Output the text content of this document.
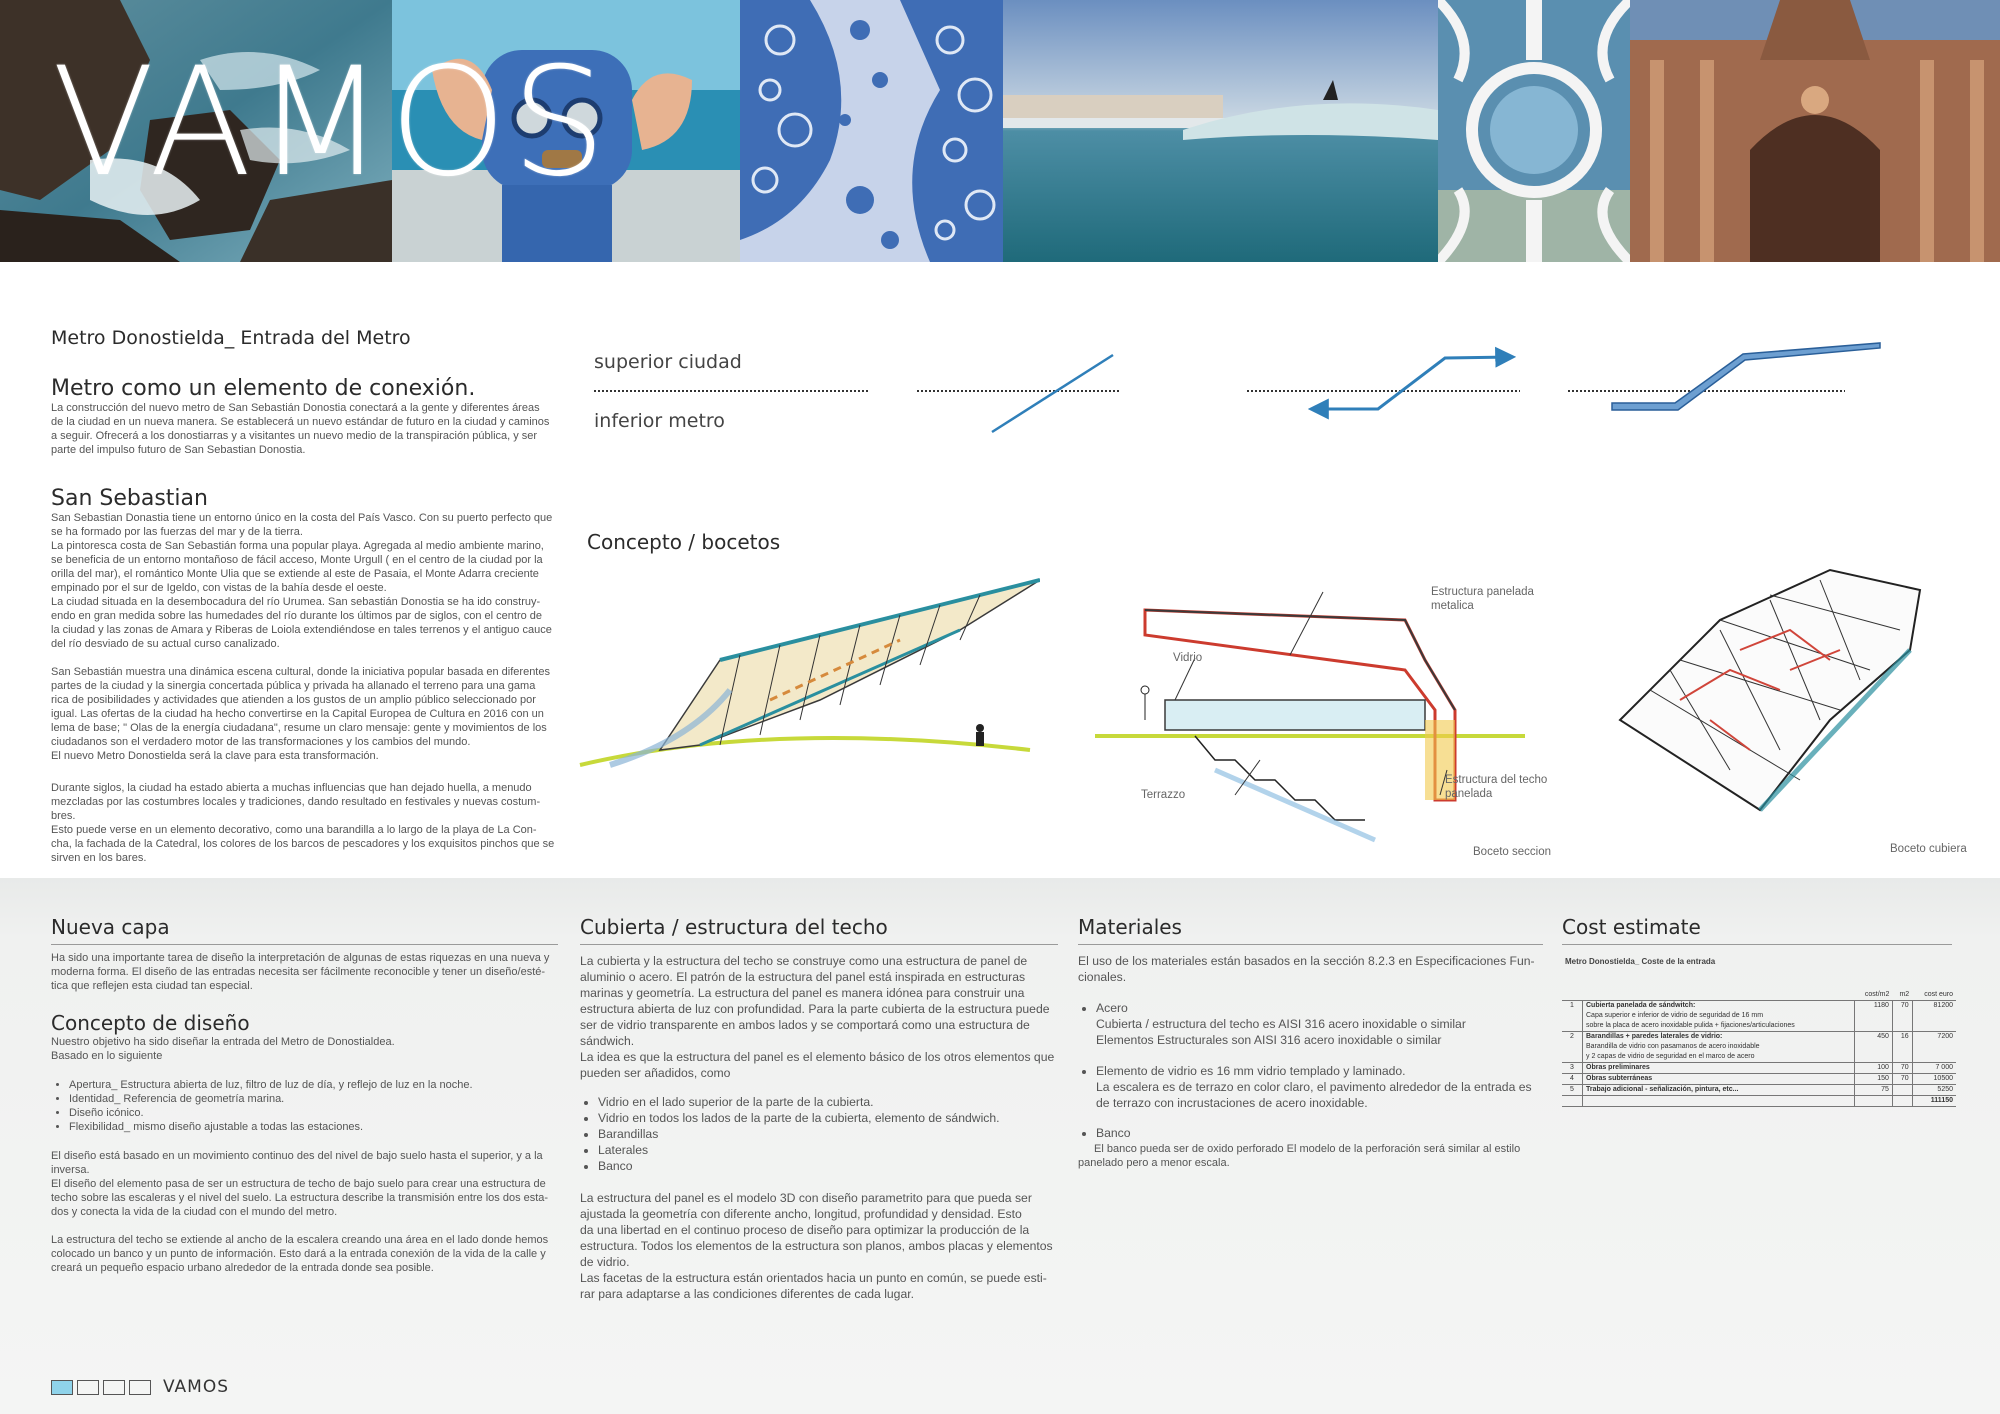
VAMOS
Metro Donostielda_ Entrada del Metro
Metro como un elemento de conexión.

La construcción del nuevo metro de San Sebastián Donostia conectará a la gente y diferentes áreas
de la ciudad en un nueva manera. Se establecerá un nuevo estándar de futuro en la ciudad y caminos
a seguir. Ofrecerá a los donostiarras y a visitantes un nuevo medio de la transpiración pública, y ser
parte del impulso futuro de San Sebastian Donostia.

San Sebastian

San Sebastian Donastia tiene un entorno único en la costa del País Vasco. Con su puerto perfecto que
se ha formado por las fuerzas del mar y de la tierra.
La pintoresca costa de San Sebastián forma una popular playa. Agregada al medio ambiente marino,
se beneficia de un entorno montañoso de fácil acceso, Monte Urgull ( en el centro de la ciudad por la
orilla del mar), el romántico Monte Ulia que se extiende al este de Pasaia, el Monte Adarra creciente
empinado por el sur de Igeldo, con vistas de la bahía desde el oeste.
La ciudad situada en la desembocadura del río Urumea. San sebastián Donostia se ha ido construy-
endo en gran medida sobre las humedades del río durante los últimos par de siglos, con el centro de
la ciudad y las zonas de Amara y Riberas de Loiola extendiéndose en tales terrenos y el antiguo cauce
del río desviado de su actual curso canalizado.

San Sebastián muestra una dinámica escena cultural, donde la iniciativa popular basada en diferentes
partes de la ciudad y la sinergia concertada pública y privada ha allanado el terreno para una gama
rica de posibilidades y actividades que atienden a los gustos de un amplio público seleccionado por
igual. Las ofertas de la ciudad ha hecho convertirse en la Capital Europea de Cultura en 2016 con un
lema de base; " Olas de la energía ciudadana", resume un claro mensaje: gente y movimientos de los
ciudadanos son el verdadero motor de las transformaciones y los cambios del mundo.
El nuevo Metro Donostielda será la clave para esta transformación.

Durante siglos, la ciudad ha estado abierta a muchas influencias que han dejado huella, a menudo
mezcladas por las costumbres locales y tradiciones, dando resultado en festivales y nuevas costum-
bres.
Esto puede verse en un elemento decorativo, como una barandilla a lo largo de la playa de La Con-
cha, la fachada de la Catedral, los colores de los barcos de pescadores y los exquisitos pinchos que se
sirven en los bares.

superior ciudad
inferior metro
Concepto / bocetos
Estructura panelada
metalica
Vidrio
Terrazzo
Estructura del techo
panelada
Boceto seccion	Boceto cubiera
Nueva capa

Ha sido una importante tarea de diseño la interpretación de algunas de estas riquezas en una nueva y
moderna forma. El diseño de las entradas necesita ser fácilmente reconocible y tener un diseño/esté-
tica que reflejen esta ciudad tan especial.

Concepto de diseño

Nuestro objetivo ha sido diseñar la entrada del Metro de Donostialdea.
Basado en lo siguiente

• Apertura_ Estructura abierta de luz, filtro de luz de día, y reflejo de luz en la noche.
• Identidad_ Referencia de geometría marina.
• Diseño icónico.
• Flexibilidad_ mismo diseño ajustable a todas las estaciones.

El diseño está basado en un movimiento continuo des del nivel de bajo suelo hasta el superior, y a la
inversa.
El diseño del elemento pasa de ser un estructura de techo de bajo suelo para crear una estructura de
techo sobre las escaleras y el nivel del suelo. La estructura describe la transmisión entre los dos esta-
dos y conecta la vida de la ciudad con el mundo del metro.

La estructura del techo se extiende al ancho de la escalera creando una área en el lado donde hemos
colocado un banco y un punto de información. Esto dará a la entrada conexión de la vida de la calle y
creará un pequeño espacio urbano alrededor de la entrada donde sea posible.

Cubierta / estructura del techo

La cubierta y la estructura del techo se construye como una estructura de panel de
aluminio o acero. El patrón de la estructura del panel está inspirada en estructuras
marinas y geometría. La estructura del panel es manera idónea para construir una
estructura abierta de luz con profundidad. Para la parte cubierta de la estructura puede
ser de vidrio transparente en ambos lados y se comportará como una estructura de
sándwich.
La idea es que la estructura del panel es el elemento básico de los otros elementos que
pueden ser añadidos, como

• Vidrio en el lado superior de la parte de la cubierta.
• Vidrio en todos los lados de la parte de la cubierta, elemento de sándwich.
• Barandillas
• Laterales
• Banco

La estructura del panel es el modelo 3D con diseño parametrito para que pueda ser
ajustada la geometría con diferente ancho, longitud, profundidad y densidad. Esto
da una libertad en el continuo proceso de diseño para optimizar la producción de la
estructura. Todos los elementos de la estructura son planos, ambos placas y elementos
de vidrio.
Las facetas de la estructura están orientados hacia un punto en común, se puede esti-
rar para adaptarse a las condiciones diferentes de cada lugar.

Materiales

El uso de los materiales están basados en la sección 8.2.3 en Especificaciones Fun-
cionales.

• Acero

Cubierta / estructura del techo es AISI 316 acero inoxidable o similar
Elementos Estructurales son AISI 316 acero inoxidable o similar

• Elemento de vidrio es 16 mm vidrio templado y laminado.

La escalera es de terrazo en color claro, el pavimento alrededor de la entrada es
de terrazo con incrustaciones de acero inoxidable.

• Banco

El banco pueda ser de oxido perforado El modelo de la perforación será similar al estilo
panelado pero a menor escala.

Cost estimate
Metro Donostielda_ Coste de la entrada
		cost/m2	m2	cost euro
1	Cubierta panelada de sándwitch:	1180	70	81200
	Capa superior e inferior de vidrio de seguridad de 16 mm			
	sobre la placa de acero inoxidable pulida + fijaciones/articulaciones			
2	Barandillas + paredes laterales de vidrio:	450	16	7200
	Barandilla de vidrio con pasamanos de acero inoxidable			
	y 2 capas de vidrio de seguridad en el marco de acero			
3	Obras preliminares	100	70	7 000
4	Obras subterráneas	150	70	10500
5	Trabajo adicional - señalización, pintura, etc...	75		5250
				111150
VAMOS
